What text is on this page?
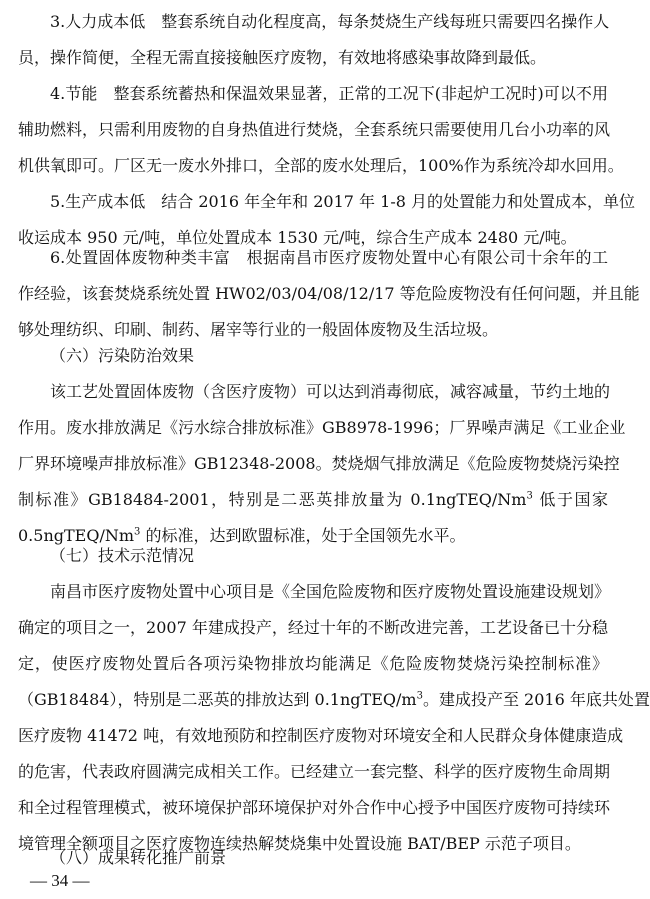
3.人力成本低　整套系统自动化程度高，每条焚烧生产线每班只需要四名操作人
员，操作简便，全程无需直接接触医疗废物，有效地将感染事故降到最低。
4.节能　整套系统蓄热和保温效果显著，正常的工况下(非起炉工况时)可以不用
辅助燃料，只需利用废物的自身热值进行焚烧，全套系统只需要使用几台小功率的风
机供氧即可。厂区无一废水外排口，全部的废水处理后，100%作为系统冷却水回用。
5.生产成本低　结合 2016 年全年和 2017 年 1-8 月的处置能力和处置成本，单位
收运成本 950 元/吨，单位处置成本 1530 元/吨，综合生产成本 2480 元/吨。
6.处置固体废物种类丰富　根据南昌市医疗废物处置中心有限公司十余年的工
作经验，该套焚烧系统处置 HW02/03/04/08/12/17 等危险废物没有任何问题，并且能
够处理纺织、印刷、制药、屠宰等行业的一般固体废物及生活垃圾。
（六）污染防治效果
该工艺处置固体废物（含医疗废物）可以达到消毒彻底，减容减量，节约土地的
作用。废水排放满足《污水综合排放标准》GB8978-1996；厂界噪声满足《工业企业
厂界环境噪声排放标准》GB12348-2008。焚烧烟气排放满足《危险废物焚烧污染控
制标准》GB18484-2001，特别是二恶英排放量为 0.1ngTEQ/Nm$^3$ 低于国家
0.5ngTEQ/Nm$^3$ 的标准，达到欧盟标准，处于全国领先水平。
（七）技术示范情况
南昌市医疗废物处置中心项目是《全国危险废物和医疗废物处置设施建设规划》
确定的项目之一，2007 年建成投产，经过十年的不断改进完善，工艺设备已十分稳
定，使医疗废物处置后各项污染物排放均能满足《危险废物焚烧污染控制标准》
（GB18484），特别是二恶英的排放达到 $0.1ngTEQ/m^3$。建成投产至 2016 年底共处置
医疗废物 41472 吨，有效地预防和控制医疗废物对环境安全和人民群众身体健康造成
的危害，代表政府圆满完成相关工作。已经建立一套完整、科学的医疗废物生命周期
和全过程管理模式，被环境保护部环境保护对外合作中心授予中国医疗废物可持续环
境管理全额项目之医疗废物连续热解焚烧集中处置设施 BAT/BEP 示范子项目。
（八）成果转化推广前景
— 34 —
